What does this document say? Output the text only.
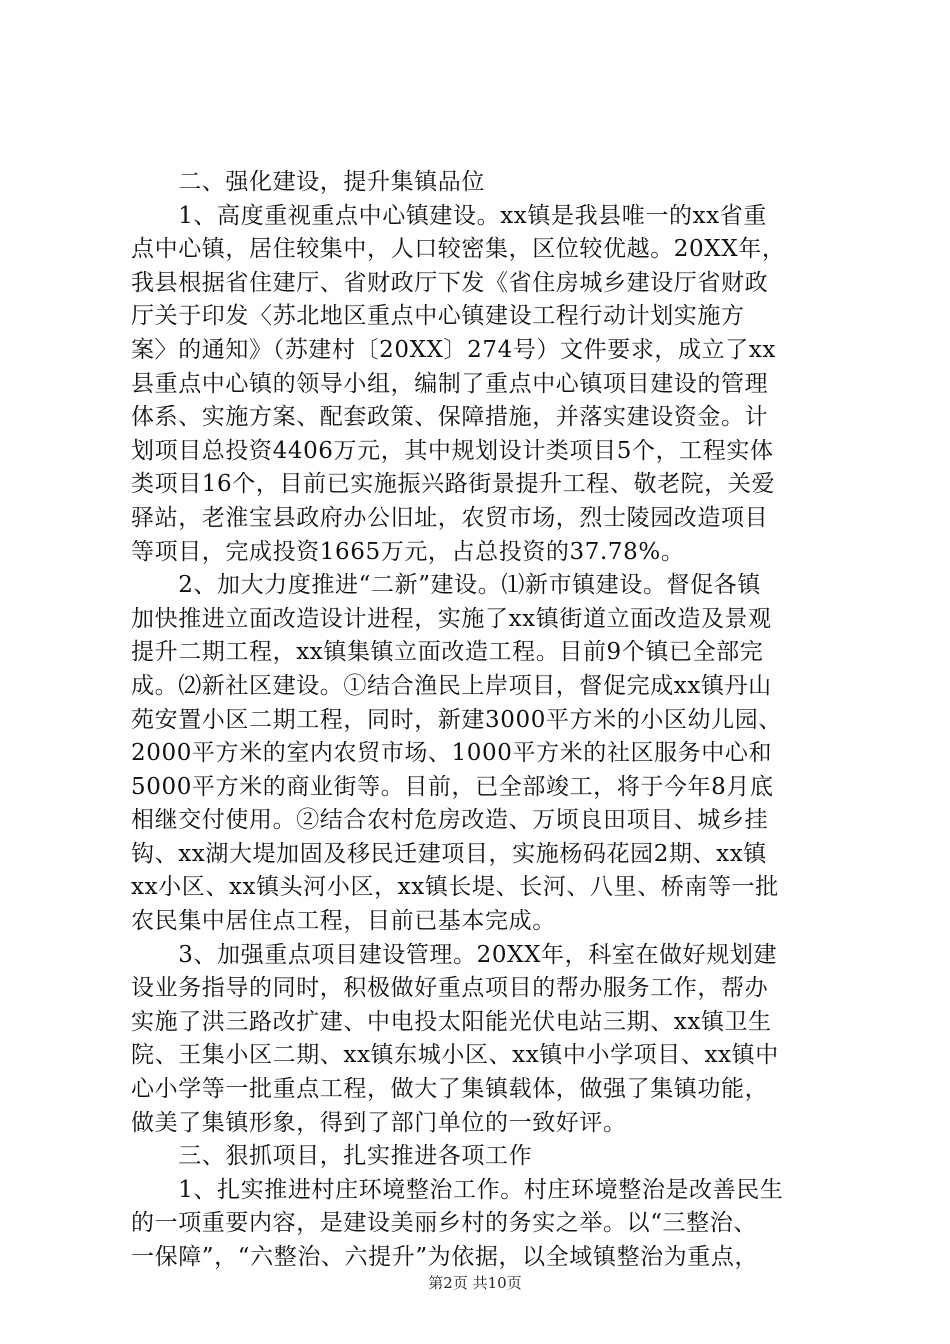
　　二、强化建设，提升集镇品位
　　1、高度重视重点中心镇建设。xx镇是我县唯一的xx省重
点中心镇，居住较集中，人口较密集，区位较优越。20XX年，
我县根据省住建厅、省财政厅下发《省住房城乡建设厅省财政
厅关于印发〈苏北地区重点中心镇建设工程行动计划实施方
案〉的通知》（苏建村〔20XX〕274号）文件要求，成立了xx
县重点中心镇的领导小组，编制了重点中心镇项目建设的管理
体系、实施方案、配套政策、保障措施，并落实建设资金。计
划项目总投资4406万元，其中规划设计类项目5个，工程实体
类项目16个，目前已实施振兴路街景提升工程、敬老院，关爱
驿站，老淮宝县政府办公旧址，农贸市场，烈士陵园改造项目
等项目，完成投资1665万元，占总投资的37.78%。
　　2、加大力度推进“二新”建设。⑴新市镇建设。督促各镇
加快推进立面改造设计进程，实施了xx镇街道立面改造及景观
提升二期工程，xx镇集镇立面改造工程。目前9个镇已全部完
成。⑵新社区建设。①结合渔民上岸项目，督促完成xx镇丹山
苑安置小区二期工程，同时，新建3000平方米的小区幼儿园、
2000平方米的室内农贸市场、1000平方米的社区服务中心和
5000平方米的商业街等。目前，已全部竣工，将于今年8月底
相继交付使用。②结合农村危房改造、万顷良田项目、城乡挂
钩、xx湖大堤加固及移民迁建项目，实施杨码花园2期、xx镇
xx小区、xx镇头河小区，xx镇长堤、长河、八里、桥南等一批
农民集中居住点工程，目前已基本完成。
　　3、加强重点项目建设管理。20XX年，科室在做好规划建
设业务指导的同时，积极做好重点项目的帮办服务工作，帮办
实施了洪三路改扩建、中电投太阳能光伏电站三期、xx镇卫生
院、王集小区二期、xx镇东城小区、xx镇中小学项目、xx镇中
心小学等一批重点工程，做大了集镇载体，做强了集镇功能，
做美了集镇形象，得到了部门单位的一致好评。
　　三、狠抓项目，扎实推进各项工作
　　1、扎实推进村庄环境整治工作。村庄环境整治是改善民生
的一项重要内容，是建设美丽乡村的务实之举。以“三整治、
一保障”，“六整治、六提升”为依据，以全域镇整治为重点，
第2页 共10页
